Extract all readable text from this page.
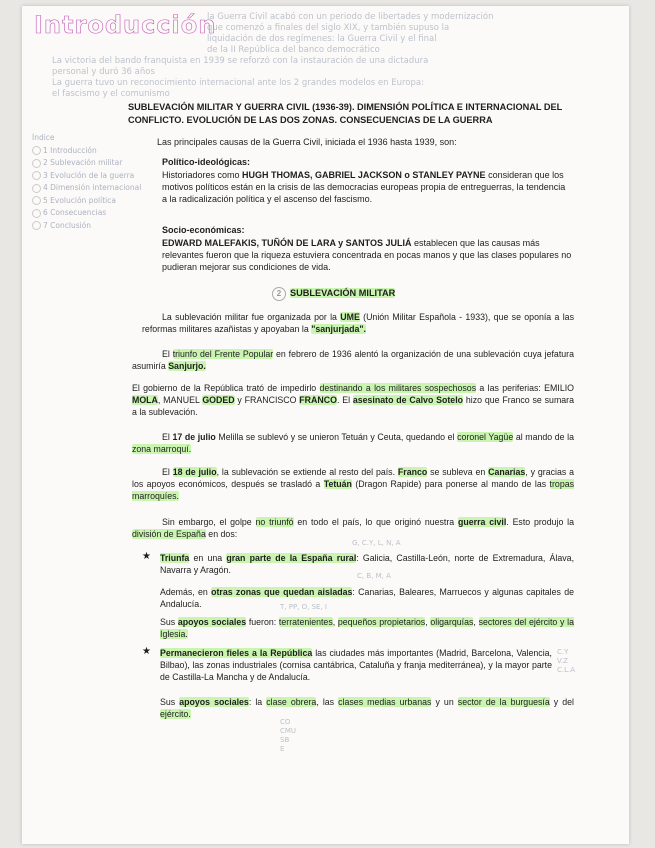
Introducción
la Guerra Civil acabó con un periodo de libertades y modernización
que comenzó a finales del siglo XIX, y también supuso la
liquidación de dos regímenes: la Guerra Civil y el final
de la II República del banco democrático
La victoria del bando franquista en 1939 se reforzó con la instauración de una dictadura
personal y duró 36 años
La guerra tuvo un reconocimiento internacional ante los 2 grandes modelos en Europa:
el fascismo y el comunismo
Índice
1 Introducción
2 Sublevación militar
3 Evolución de la guerra
4 Dimensión internacional
5 Evolución política
6 Consecuencias
7 Conclusión
SUBLEVACIÓN MILITAR Y GUERRA CIVIL (1936-39). DIMENSIÓN POLÍTICA E INTERNACIONAL DEL CONFLICTO. EVOLUCIÓN DE LAS DOS ZONAS. CONSECUENCIAS DE LA GUERRA
Las principales causas de la Guerra Civil, iniciada el 1936 hasta 1939, son:
Político-ideológicas:
Historiadores como HUGH THOMAS, GABRIEL JACKSON o STANLEY PAYNE consideran que los motivos políticos están en la crisis de las democracias europeas propia de entreguerras, la tendencia a la radicalización política y el ascenso del fascismo.
Socio-económicas:
EDWARD MALEFAKIS, TUÑÓN DE LARA y SANTOS JULIÁ establecen que las causas más relevantes fueron que la riqueza estuviera concentrada en pocas manos y que las clases populares no pudieran mejorar sus condiciones de vida.
2 SUBLEVACIÓN MILITAR
La sublevación militar fue organizada por la UME (Unión Militar Española - 1933), que se oponía a las reformas militares azañistas y apoyaban la "sanjurjada".
El triunfo del Frente Popular en febrero de 1936 alentó la organización de una sublevación cuya jefatura asumiría Sanjurjo.
El gobierno de la República trató de impedirlo destinando a los militares sospechosos a las periferias: EMILIO MOLA, MANUEL GODED y FRANCISCO FRANCO. El asesinato de Calvo Sotelo hizo que Franco se sumara a la sublevación.
El 17 de julio Melilla se sublevó y se unieron Tetuán y Ceuta, quedando el coronel Yagüe al mando de la zona marroquí.
El 18 de julio, la sublevación se extiende al resto del país. Franco se subleva en Canarias, y gracias a los apoyos económicos, después se trasladó a Tetuán (Dragon Rapide) para ponerse al mando de las tropas marroquíes.
Sin embargo, el golpe no triunfó en todo el país, lo que originó nuestra guerra civil. Esto produjo la división de España en dos:
★ Triunfa en una gran parte de la España rural: Galicia, Castilla-León, norte de Extremadura, Álava, Navarra y Aragón.
Además, en otras zonas que quedan aisladas: Canarias, Baleares, Marruecos y algunas capitales de Andalucía.
Sus apoyos sociales fueron: terratenientes, pequeños propietarios, oligarquías, sectores del ejército y la Iglesia.
★ Permanecieron fieles a la República las ciudades más importantes (Madrid, Barcelona, Valencia, Bilbao), las zonas industriales (cornisa cantábrica, Cataluña y franja mediterránea), y la mayor parte de Castilla-La Mancha y de Andalucía.
Sus apoyos sociales: la clase obrera, las clases medias urbanas y un sector de la burguesía y del ejército.
G, C.Y, L, N, A
C, B, M, A
T, PP, O, SE, I
C.Y
V.Z
C.L.A
CO
CMU
SB
E
